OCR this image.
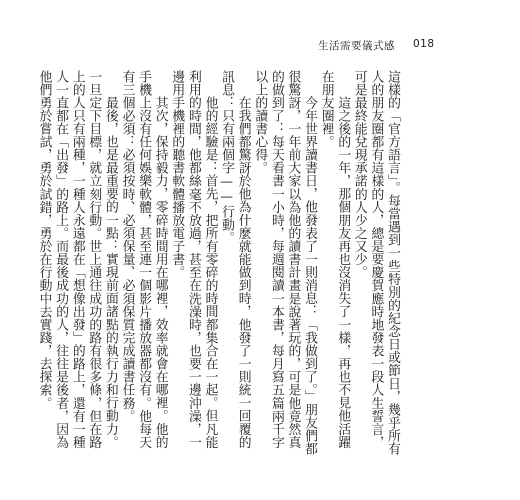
生活需要儀式感 018

這樣的「官方語言」。每當遇到一些特別的紀念日或節日，幾乎所有人的朋友圈都有這樣的人，總是要慶賀應時地發表一段人生誓言，可是最終能兌現承諾的人少之又少。

這之後的一年，那個朋友再也沒消失了一樣，再也不見他活躍在朋友圈裡。

今年世界讀書日，他發表了一則消息：「我做到了。」朋友們都很驚訝，一年前大家以為他的讀書計畫是說著玩的，可是他竟然真的做到了：每天看書一小時，每週閱讀一本書，每月寫五篇兩千字以上的讀書心得。

在我們都驚訝於他為什麼就能做到時，他發了一則統一回覆的訊息：只有兩個字——行動。

他的經驗是：首先，把所有零碎的時間都集合在一起。但凡能利用的時間，他都絲毫不放過，甚至在洗澡時，也要一邊沖澡，一邊用手機裡的聽書軟體播放電子書。

其次，保持毅力，零碎時間用在哪裡，效率就會在哪裡。他的手機上沒有任何娛樂軟體，甚至連一個影片播放器都沒有。他每天有三個必須：必須按時、必須保量、必須保質完成讀書任務。

最後，也是最重要的一點：實現前面諸點的執行力和行動力。一旦定下目標，就立刻行動。世上通往成功的路有很多條，但在路上的人只有兩種，一種人永遠都在「想像出發」的路上，還有一種人一直都在「出發」的路上。而最後成功的人，往往是後者，因為他們勇於嘗試，勇於試錯，勇於在行動中去實踐，去探索。
